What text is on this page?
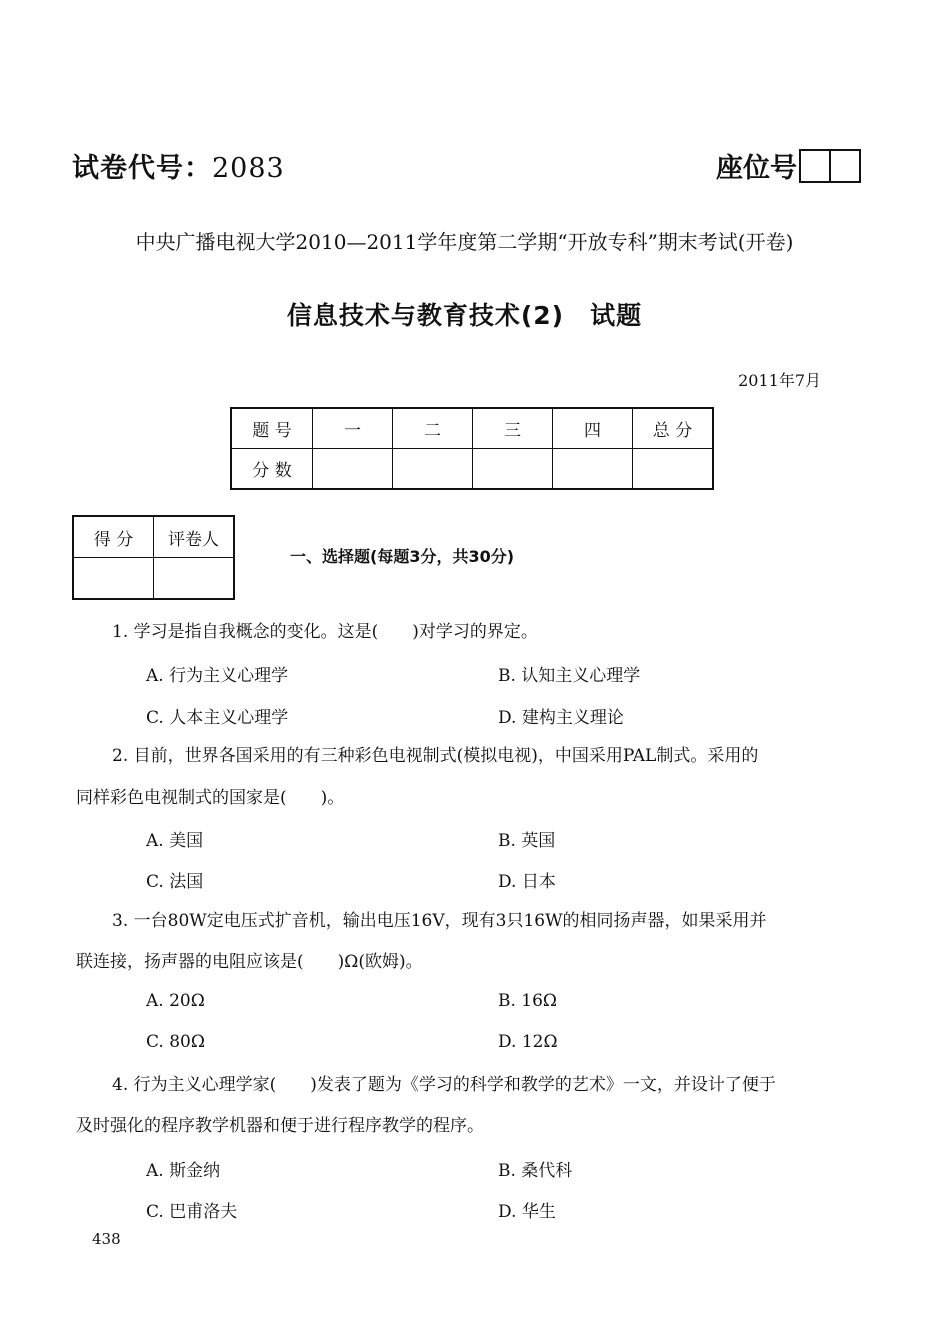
试卷代号：2083	座位号
中央广播电视大学2010—2011学年度第二学期“开放专科”期末考试(开卷)
信息技术与教育技术(2) 试题
2011年7月
题 号	一	二	三	四	总 分
分 数					
得 分	评卷人

一、选择题(每题3分，共30分)
1. 学习是指自我概念的变化。这是(　　)对学习的界定。
A. 行为主义心理学	B. 认知主义心理学
C. 人本主义心理学	D. 建构主义理论
2. 目前，世界各国采用的有三种彩色电视制式(模拟电视)，中国采用PAL制式。采用的
同样彩色电视制式的国家是(　　)。
A. 美国	B. 英国
C. 法国	D. 日本
3. 一台80W定电压式扩音机，输出电压16V，现有3只16W的相同扬声器，如果采用并
联连接，扬声器的电阻应该是(　　)Ω(欧姆)。
A. 20Ω	B. 16Ω
C. 80Ω	D. 12Ω
4. 行为主义心理学家(　　)发表了题为《学习的科学和教学的艺术》一文，并设计了便于
及时强化的程序教学机器和便于进行程序教学的程序。
A. 斯金纳	B. 桑代科
C. 巴甫洛夫	D. 华生
438
